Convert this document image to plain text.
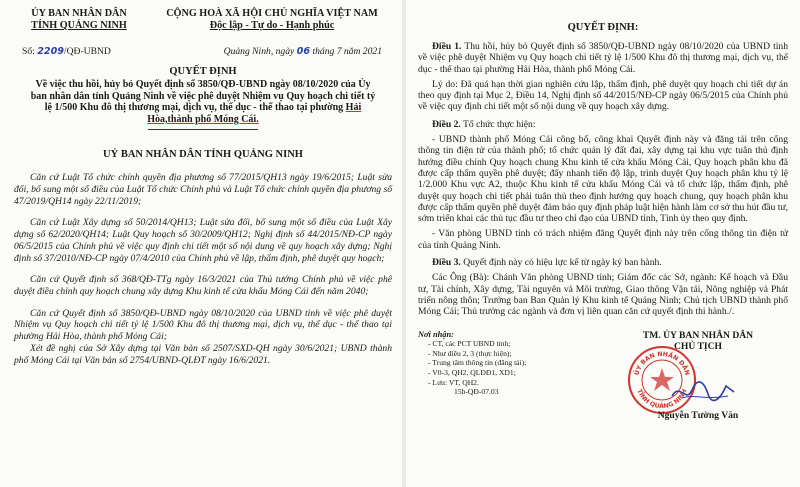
ỦY BAN NHÂN DÂN
TỈNH QUẢNG NINH
CỘNG HOÀ XÃ HỘI CHỦ NGHĨA VIỆT NAM
Độc lập - Tự do - Hạnh phúc
Số: 2209/QĐ-UBND	Quảng Ninh, ngày 06 tháng 7 năm 2021
QUYẾT ĐỊNH
Về việc thu hồi, hủy bỏ Quyết định số 3850/QĐ-UBND ngày 08/10/2020 của Ủy ban nhân dân tỉnh Quảng Ninh về việc phê duyệt Nhiệm vụ Quy hoạch chi tiết tỷ lệ 1/500 Khu đô thị thương mại, dịch vụ, thể dục - thể thao tại phường Hải Hòa,thành phố Móng Cái.
UỶ BAN NHÂN DÂN TỈNH QUẢNG NINH

Căn cứ Luật Tổ chức chính quyền địa phương số 77/2015/QH13 ngày 19/6/2015; Luật sửa đổi, bổ sung một số điều của Luật Tổ chức Chính phủ và Luật Tổ chức chính quyền địa phương số 47/2019/QH14 ngày 22/11/2019;

Căn cứ Luật Xây dựng số 50/2014/QH13; Luật sửa đổi, bổ sung một số điều của Luật Xây dựng số 62/2020/QH14; Luật Quy hoạch số 30/2009/QH12; Nghị định số 44/2015/NĐ-CP ngày 06/5/2015 của Chính phủ về việc quy định chi tiết một số nội dung về quy hoạch xây dựng; Nghị định số 37/2010/NĐ-CP ngày 07/4/2010 của Chính phủ về lập, thẩm định, phê duyệt quy hoạch;

Căn cứ Quyết định số 368/QĐ-TTg ngày 16/3/2021 của Thủ tướng Chính phủ về việc phê duyệt điều chỉnh quy hoạch chung xây dựng Khu kinh tế cửa khẩu Móng Cái đến năm 2040;

Căn cứ Quyết định số 3850/QĐ-UBND ngày 08/10/2020 của UBND tỉnh về việc phê duyệt Nhiệm vụ Quy hoạch chi tiết tỷ lệ 1/500 Khu đô thị thương mại, dịch vụ, thể dục - thể thao tại phường Hải Hòa, thành phố Móng Cái;

Xét đề nghị của Sở Xây dựng tại Văn bản số 2507/SXD-QH ngày 30/6/2021; UBND thành phố Móng Cái tại Văn bản số 2754/UBND-QLĐT ngày 16/6/2021.

QUYẾT ĐỊNH:

Điều 1. Thu hồi, hủy bỏ Quyết định số 3850/QĐ-UBND ngày 08/10/2020 của UBND tỉnh về việc phê duyệt Nhiệm vụ Quy hoạch chi tiết tỷ lệ 1/500 Khu đô thị thương mại, dịch vụ, thể dục - thể thao tại phường Hải Hòa, thành phố Móng Cái.

Lý do: Đã quá hạn thời gian nghiên cứu lập, thẩm định, phê duyệt quy hoạch chi tiết dự án theo quy định tại Mục 2, Điều 14, Nghị định số 44/2015/NĐ-CP ngày 06/5/2015 của Chính phủ về việc quy định chi tiết một số nội dung về quy hoạch xây dựng.

Điều 2. Tổ chức thực hiện:

- UBND thành phố Móng Cái công bố, công khai Quyết định này và đăng tải trên cổng thông tin điện tử của thành phố; tổ chức quản lý đất đai, xây dựng tại khu vực tuân thủ định hướng điều chỉnh Quy hoạch chung Khu kinh tế cửa khẩu Móng Cái, Quy hoạch phân khu đã được cấp thẩm quyền phê duyệt; đẩy nhanh tiến độ lập, trình duyệt Quy hoạch phân khu tỷ lệ 1/2.000 Khu vực A2, thuộc Khu kinh tế cửa khẩu Móng Cái và tổ chức lập, thẩm định, phê duyệt quy hoạch chi tiết phải tuân thủ theo định hướng quy hoạch chung, quy hoạch phân khu được cấp thẩm quyền phê duyệt đảm bảo quy định pháp luật hiện hành làm cơ sở thu hút đầu tư, sớm triển khai các thủ tục đầu tư theo chỉ đạo của UBND tỉnh, Tỉnh ủy theo quy định.

- Văn phòng UBND tỉnh có trách nhiệm đăng Quyết định này trên cổng thông tin điện tử của tỉnh Quảng Ninh.

Điều 3. Quyết định này có hiệu lực kể từ ngày ký ban hành.

Các Ông (Bà): Chánh Văn phòng UBND tỉnh; Giám đốc các Sở, ngành: Kế hoạch và Đầu tư, Tài chính, Xây dựng, Tài nguyên và Môi trường, Giao thông Vận tải, Nông nghiệp và Phát triển nông thôn; Trưởng ban Ban Quản lý Khu kinh tế Quảng Ninh; Chủ tịch UBND thành phố Móng Cái; Thủ trưởng các ngành và đơn vị liên quan căn cứ quyết định thi hành./.

Nơi nhận:
- CT, các PCT UBND tỉnh;
- Như điều 2, 3 (thực hiện);
- Trung tâm thông tin (đăng tải);
- V0-3, QH2, QLĐĐ1, XD1;
- Lưu: VT, QH2.
15b-QĐ-07.03
TM. ỦY BAN NHÂN DÂN
CHỦ TỊCH
ỦY BAN NHÂN DÂN
TỈNH QUẢNG NINH
Nguyễn Tường Văn
